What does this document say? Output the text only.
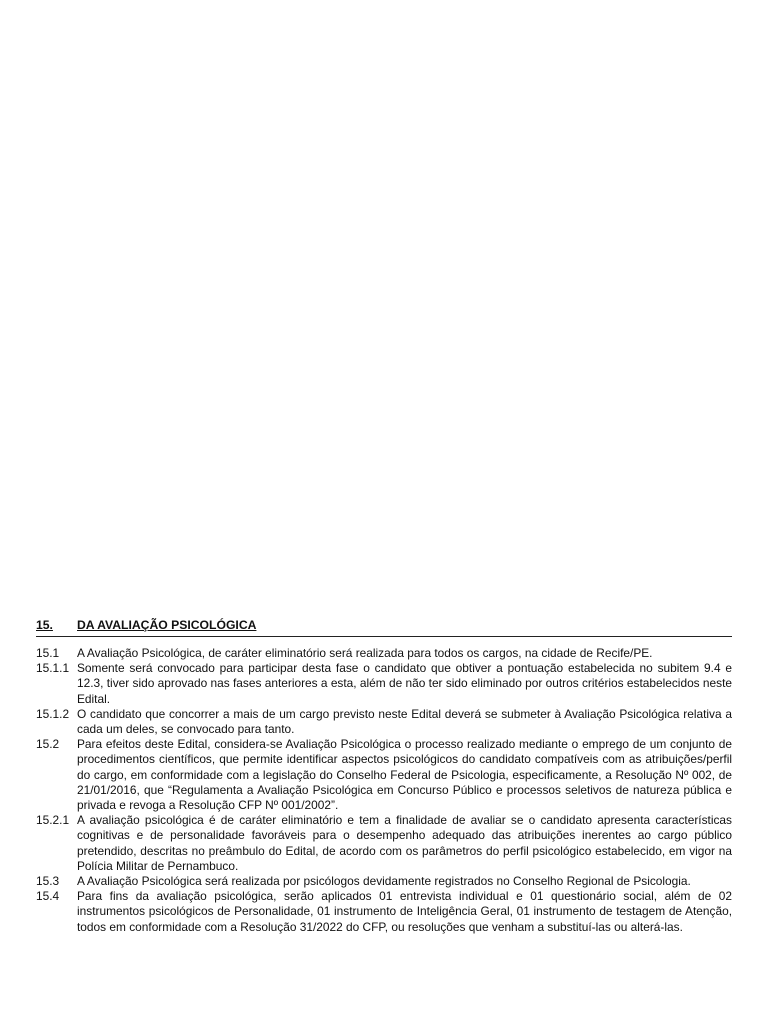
15.	DA AVALIAÇÃO PSICOLÓGICA
15.1	A Avaliação Psicológica, de caráter eliminatório será realizada para todos os cargos, na cidade de Recife/PE.
15.1.1 Somente será convocado para participar desta fase o candidato que obtiver a pontuação estabelecida no subitem 9.4 e 12.3, tiver sido aprovado nas fases anteriores a esta, além de não ter sido eliminado por outros critérios estabelecidos neste Edital.
15.1.2 O candidato que concorrer a mais de um cargo previsto neste Edital deverá se submeter à Avaliação Psicológica relativa a cada um deles, se convocado para tanto.
15.2	Para efeitos deste Edital, considera-se Avaliação Psicológica o processo realizado mediante o emprego de um conjunto de procedimentos científicos, que permite identificar aspectos psicológicos do candidato compatíveis com as atribuições/perfil do cargo, em conformidade com a legislação do Conselho Federal de Psicologia, especificamente, a Resolução Nº 002, de 21/01/2016, que “Regulamenta a Avaliação Psicológica em Concurso Público e processos seletivos de natureza pública e privada e revoga a Resolução CFP Nº 001/2002”.
15.2.1 A avaliação psicológica é de caráter eliminatório e tem a finalidade de avaliar se o candidato apresenta características cognitivas e de personalidade favoráveis para o desempenho adequado das atribuições inerentes ao cargo público pretendido, descritas no preâmbulo do Edital, de acordo com os parâmetros do perfil psicológico estabelecido, em vigor na Polícia Militar de Pernambuco.
15.3	A Avaliação Psicológica será realizada por psicólogos devidamente registrados no Conselho Regional de Psicologia.
15.4	Para fins da avaliação psicológica, serão aplicados 01 entrevista individual e 01 questionário social, além de 02 instrumentos psicológicos de Personalidade, 01 instrumento de Inteligência Geral, 01 instrumento de testagem de Atenção, todos em conformidade com a Resolução 31/2022 do CFP, ou resoluções que venham a substituí-las ou alterá-las.
